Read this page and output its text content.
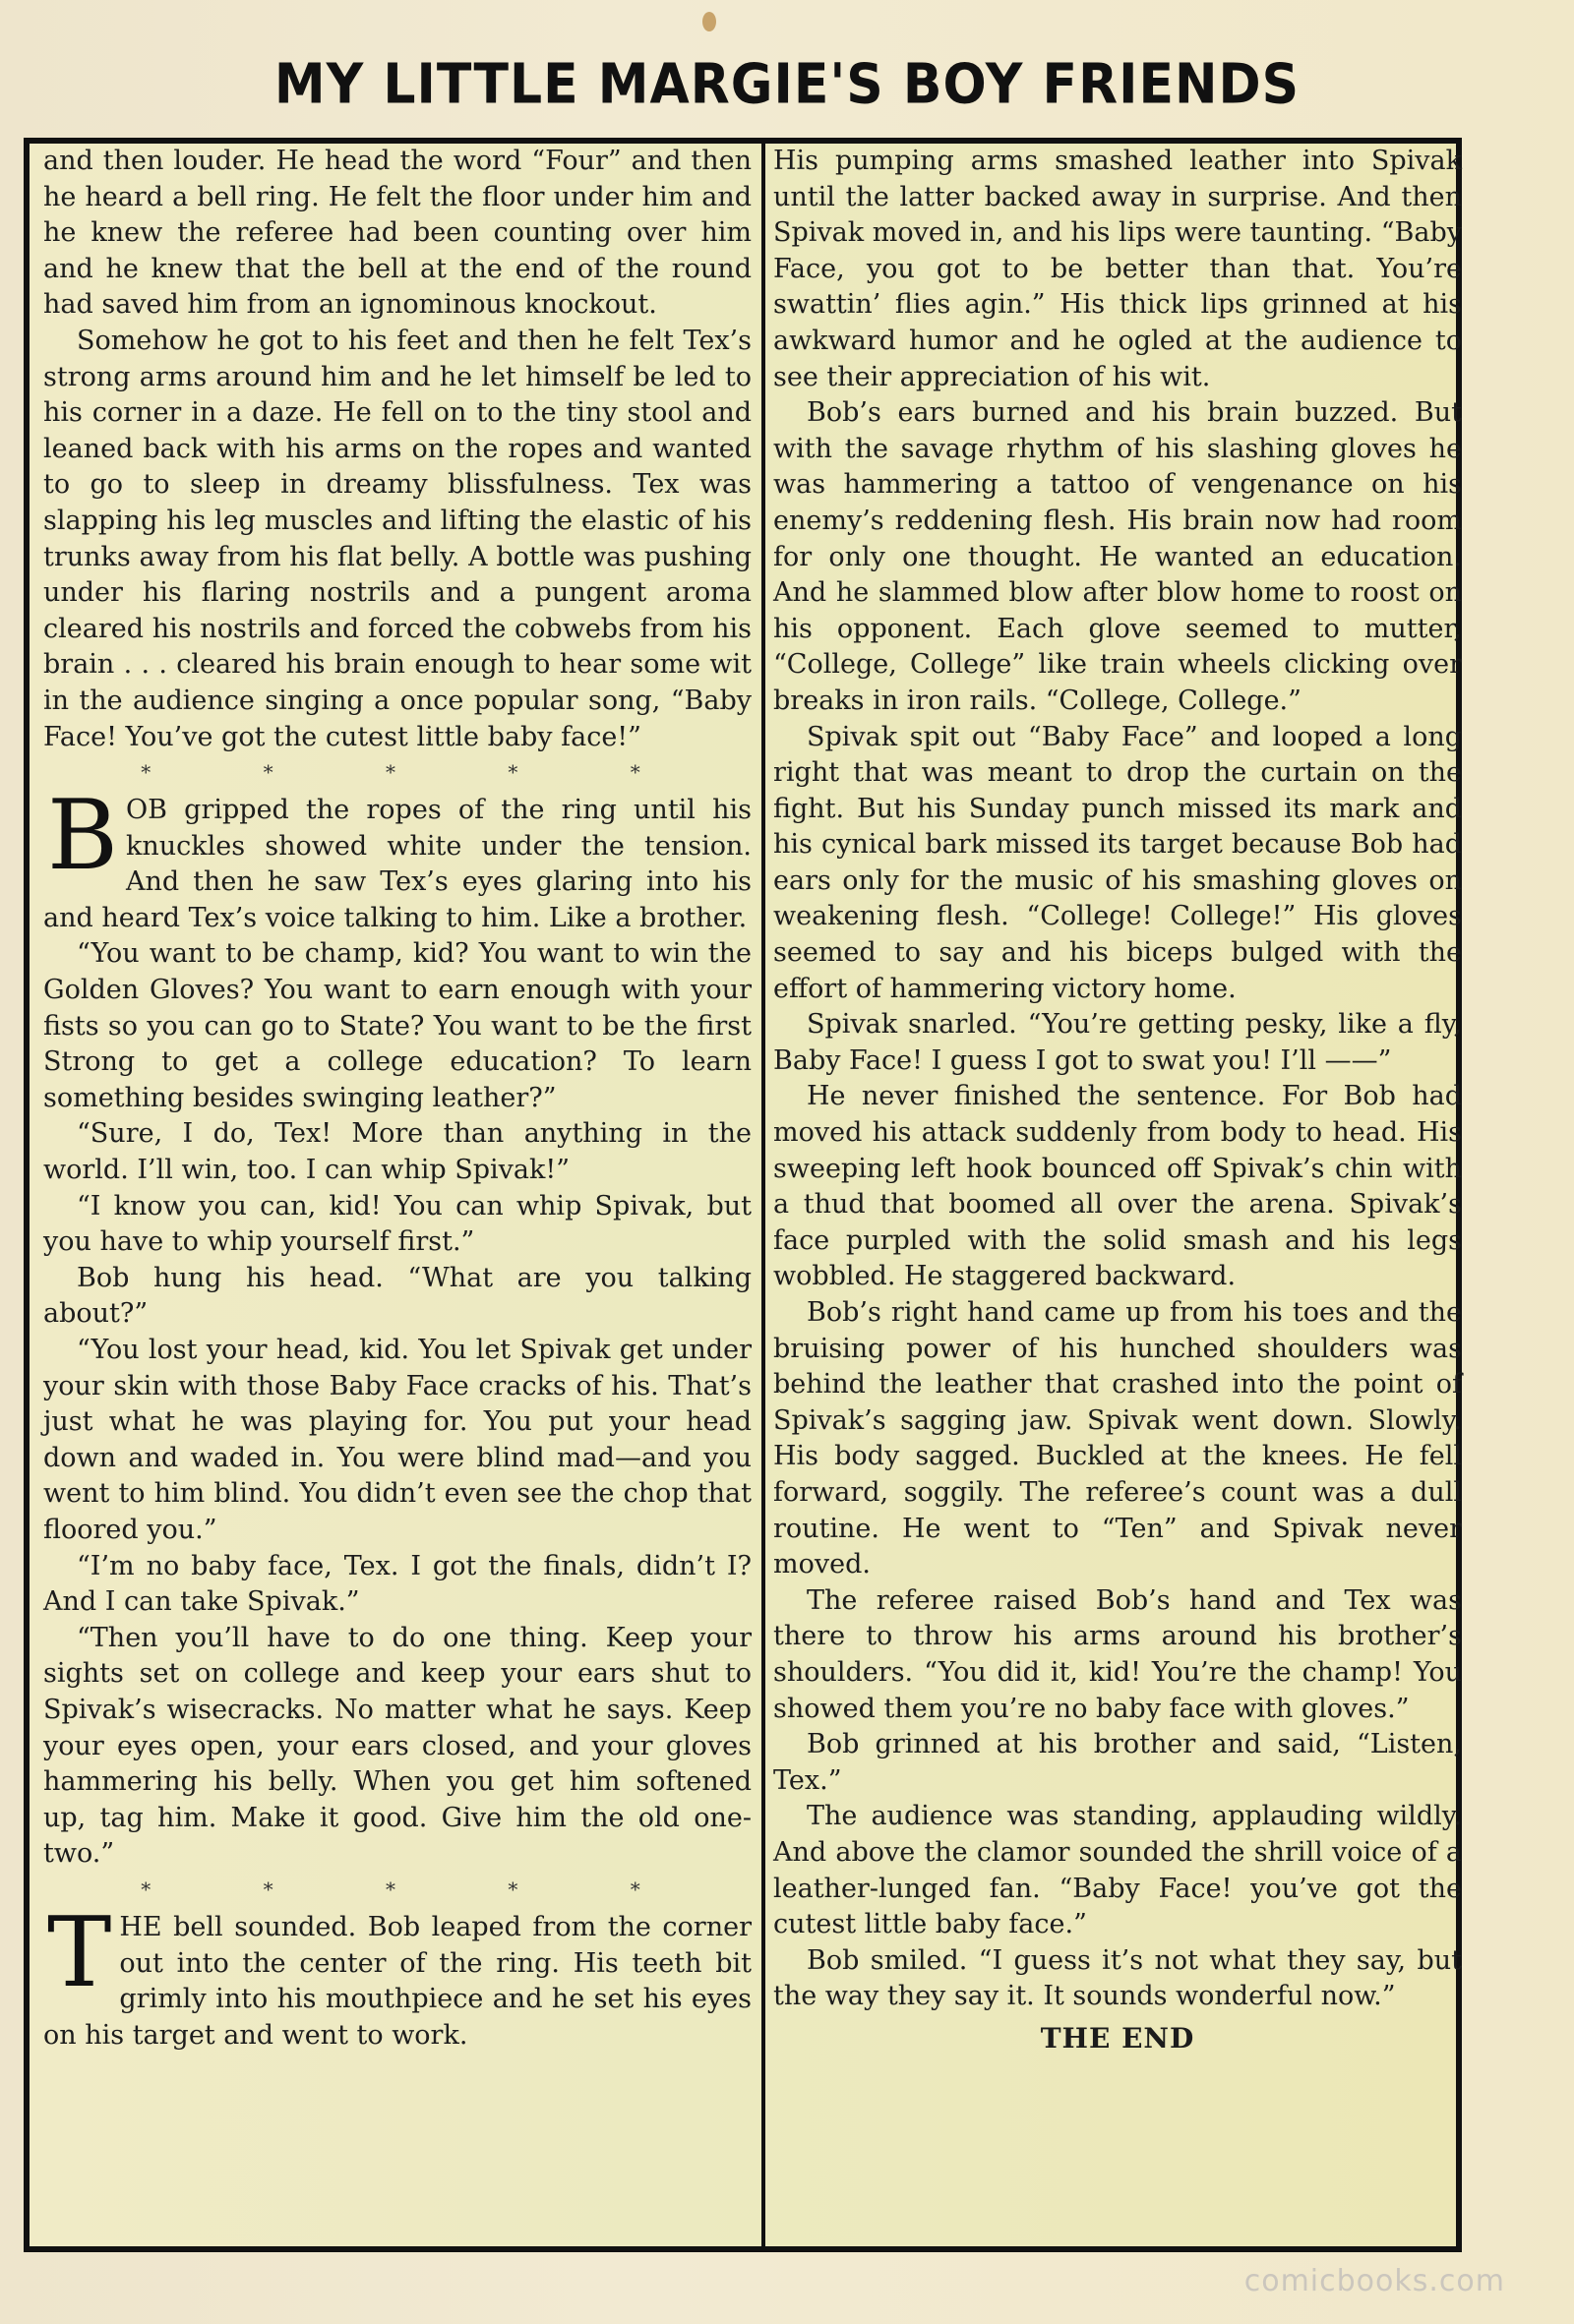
MY LITTLE MARGIE'S BOY FRIENDS

and then louder. He head the word “Four” and then he heard a bell ring. He felt the floor under him and he knew the referee had been counting over him and he knew that the bell at the end of the round had saved him from an ignominous knockout.

Somehow he got to his feet and then he felt Tex’s strong arms around him and he let himself be led to his corner in a daze. He fell on to the tiny stool and leaned back with his arms on the ropes and wanted to go to sleep in dreamy blissfulness. Tex was slapping his leg muscles and lifting the elastic of his trunks away from his flat belly. A bottle was pushing under his flaring nostrils and a pungent aroma cleared his nostrils and forced the cobwebs from his brain . . . cleared his brain enough to hear some wit in the audience singing a once popular song, “Baby Face! You’ve got the cutest little baby face!”

* * * * *

BOB gripped the ropes of the ring until his knuckles showed white under the tension. And then he saw Tex’s eyes glaring into his and heard Tex’s voice talking to him. Like a brother.

“You want to be champ, kid? You want to win the Golden Gloves? You want to earn enough with your fists so you can go to State? You want to be the first Strong to get a college education? To learn something besides swinging leather?”

“Sure, I do, Tex! More than anything in the world. I’ll win, too. I can whip Spivak!”

“I know you can, kid! You can whip Spivak, but you have to whip yourself first.”

Bob hung his head. “What are you talking about?”

“You lost your head, kid. You let Spivak get under your skin with those Baby Face cracks of his. That’s just what he was playing for. You put your head down and waded in. You were blind mad—and you went to him blind. You didn’t even see the chop that floored you.”

“I’m no baby face, Tex. I got the finals, didn’t I? And I can take Spivak.”

“Then you’ll have to do one thing. Keep your sights set on college and keep your ears shut to Spivak’s wisecracks. No matter what he says. Keep your eyes open, your ears closed, and your gloves hammering his belly. When you get him softened up, tag him. Make it good. Give him the old one-two.”

* * * * *

THE bell sounded. Bob leaped from the corner out into the center of the ring. His teeth bit grimly into his mouthpiece and he set his eyes on his target and went to work.

His pumping arms smashed leather into Spivak until the latter backed away in surprise. And then Spivak moved in, and his lips were taunting. “Baby Face, you got to be better than that. You’re swattin’ flies agin.” His thick lips grinned at his awkward humor and he ogled at the audience to see their appreciation of his wit.

Bob’s ears burned and his brain buzzed. But with the savage rhythm of his slashing gloves he was hammering a tattoo of vengenance on his enemy’s reddening flesh. His brain now had room for only one thought. He wanted an education. And he slammed blow after blow home to roost on his opponent. Each glove seemed to mutter, “College, College” like train wheels clicking over breaks in iron rails. “College, College.”

Spivak spit out “Baby Face” and looped a long right that was meant to drop the curtain on the fight. But his Sunday punch missed its mark and his cynical bark missed its target because Bob had ears only for the music of his smashing gloves on weakening flesh. “College! College!” His gloves seemed to say and his biceps bulged with the effort of hammering victory home.

Spivak snarled. “You’re getting pesky, like a fly, Baby Face! I guess I got to swat you! I’ll ——”

He never finished the sentence. For Bob had moved his attack suddenly from body to head. His sweeping left hook bounced off Spivak’s chin with a thud that boomed all over the arena. Spivak’s face purpled with the solid smash and his legs wobbled. He staggered backward.

Bob’s right hand came up from his toes and the bruising power of his hunched shoulders was behind the leather that crashed into the point of Spivak’s sagging jaw. Spivak went down. Slowly. His body sagged. Buckled at the knees. He fell forward, soggily. The referee’s count was a dull routine. He went to “Ten” and Spivak never moved.

The referee raised Bob’s hand and Tex was there to throw his arms around his brother’s shoulders. “You did it, kid! You’re the champ! You showed them you’re no baby face with gloves.”

Bob grinned at his brother and said, “Listen, Tex.”

The audience was standing, applauding wildly. And above the clamor sounded the shrill voice of a leather-lunged fan. “Baby Face! you’ve got the cutest little baby face.”

Bob smiled. “I guess it’s not what they say, but the way they say it. It sounds wonderful now.”

THE END
comicbooks.com
